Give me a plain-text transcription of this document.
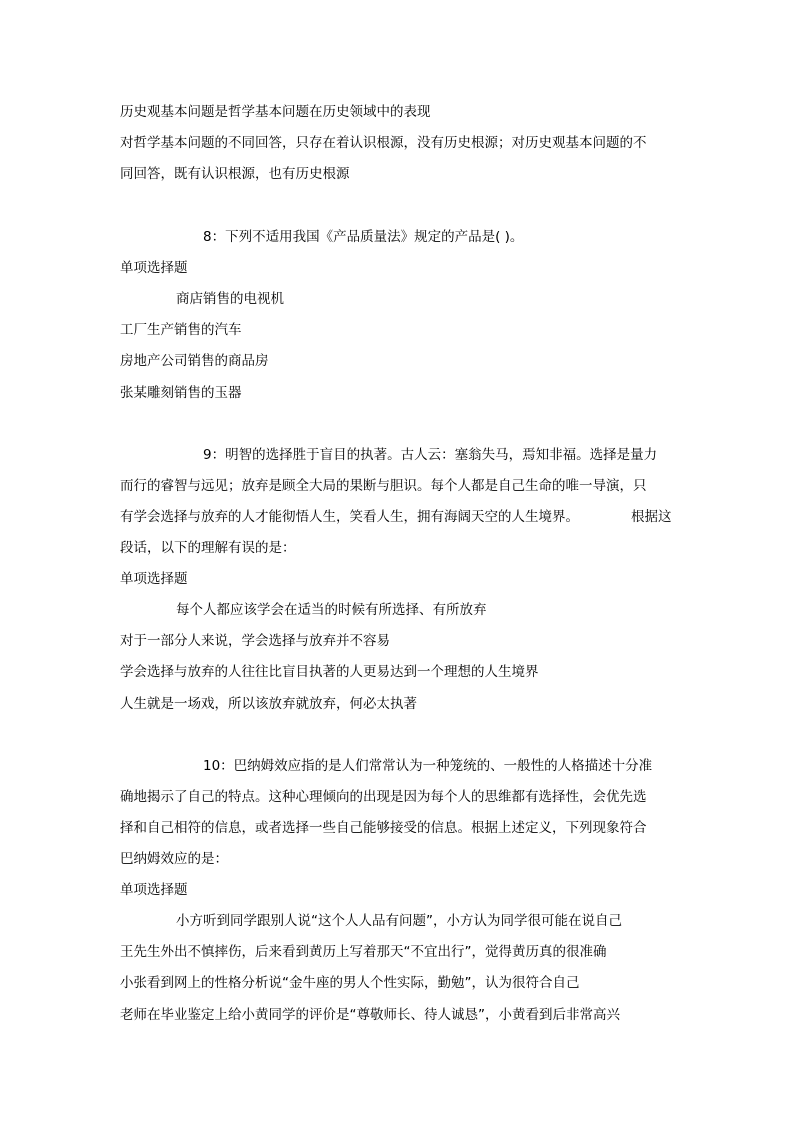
历史观基本问题是哲学基本问题在历史领域中的表现
对哲学基本问题的不同回答，只存在着认识根源，没有历史根源；对历史观基本问题的不
同回答，既有认识根源，也有历史根源
8：下列不适用我国《产品质量法》规定的产品是( )。
单项选择题
商店销售的电视机
工厂生产销售的汽车
房地产公司销售的商品房
张某雕刻销售的玉器
9：明智的选择胜于盲目的执著。古人云：塞翁失马，焉知非福。选择是量力
而行的睿智与远见；放弃是顾全大局的果断与胆识。每个人都是自己生命的唯一导演，只
有学会选择与放弃的人才能彻悟人生，笑看人生，拥有海阔天空的人生境界。	根据这
段话，以下的理解有误的是：
单项选择题
每个人都应该学会在适当的时候有所选择、有所放弃
对于一部分人来说，学会选择与放弃并不容易
学会选择与放弃的人往往比盲目执著的人更易达到一个理想的人生境界
人生就是一场戏，所以该放弃就放弃，何必太执著
10：巴纳姆效应指的是人们常常认为一种笼统的、一般性的人格描述十分准
确地揭示了自己的特点。这种心理倾向的出现是因为每个人的思维都有选择性，会优先选
择和自己相符的信息，或者选择一些自己能够接受的信息。根据上述定义，下列现象符合
巴纳姆效应的是：
单项选择题
小方听到同学跟别人说“这个人人品有问题”，小方认为同学很可能在说自己
王先生外出不慎摔伤，后来看到黄历上写着那天“不宜出行”，觉得黄历真的很准确
小张看到网上的性格分析说“金牛座的男人个性实际，勤勉”，认为很符合自己
老师在毕业鉴定上给小黄同学的评价是“尊敬师长、待人诚恳”，小黄看到后非常高兴
